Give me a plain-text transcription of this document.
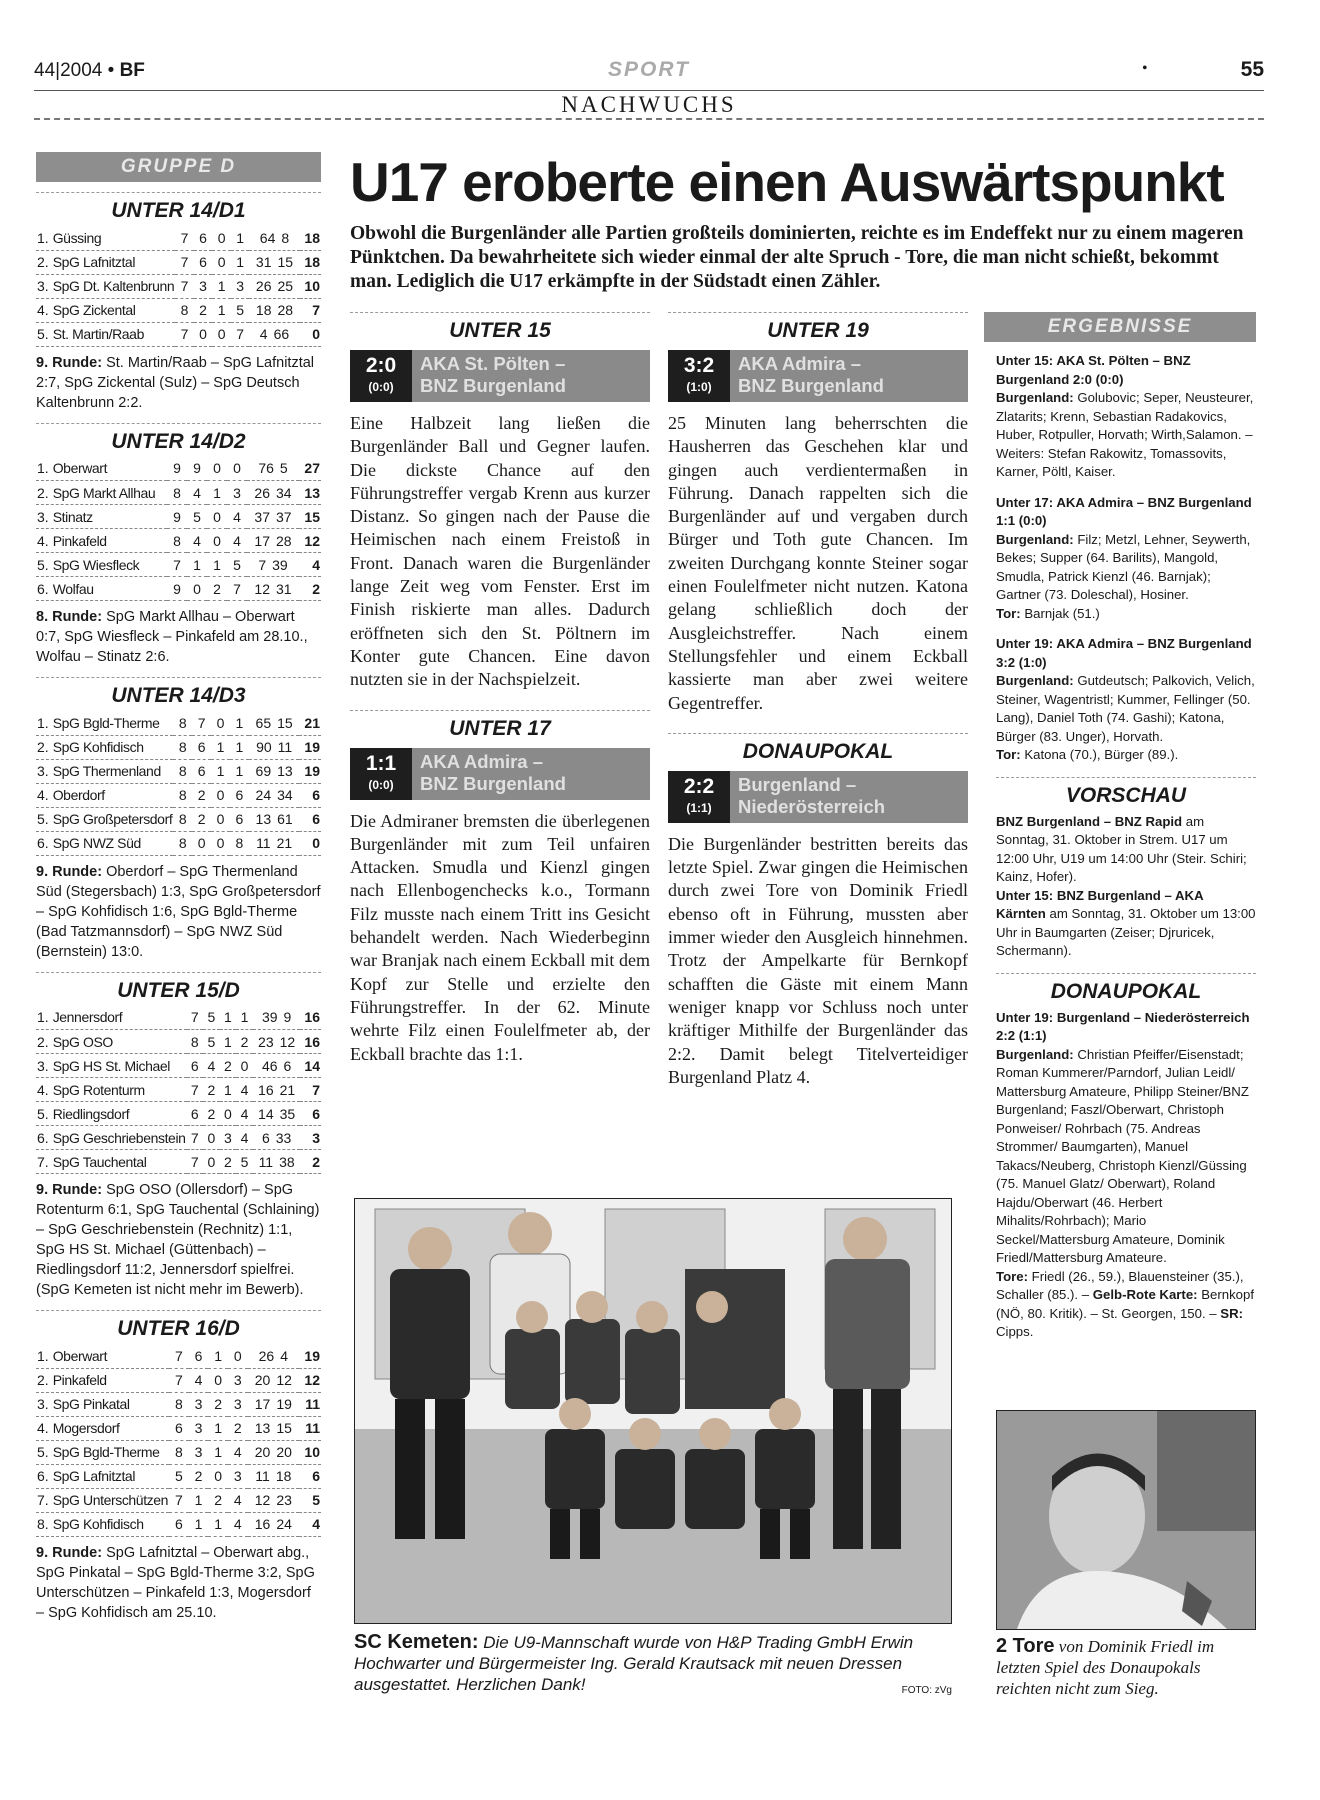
44|2004 • BF	SPORT	•	55
NACHWUCHS
GRUPPE D
UNTER 14/D1
1. Güssing	7	6	0	1	64 8	18
2. SpG Lafnitztal	7	6	0	1	31 15	18
3. SpG Dt. Kaltenbrunn	7	3	1	3	26 25	10
4. SpG Zickental	8	2	1	5	18 28	7
5. St. Martin/Raab	7	0	0	7	4 66	0
9. Runde: St. Martin/Raab – SpG Lafnitztal 2:7, SpG Zickental (Sulz) – SpG Deutsch Kaltenbrunn 2:2.
UNTER 14/D2
1. Oberwart	9	9	0	0	76 5	27
2. SpG Markt Allhau	8	4	1	3	26 34	13
3. Stinatz	9	5	0	4	37 37	15
4. Pinkafeld	8	4	0	4	17 28	12
5. SpG Wiesfleck	7	1	1	5	7 39	4
6. Wolfau	9	0	2	7	12 31	2
8. Runde: SpG Markt Allhau – Oberwart 0:7, SpG Wiesfleck – Pinkafeld am 28.10., Wolfau – Stinatz 2:6.
UNTER 14/D3
1. SpG Bgld-Therme	8	7	0	1	65 15	21
2. SpG Kohfidisch	8	6	1	1	90 11	19
3. SpG Thermenland	8	6	1	1	69 13	19
4. Oberdorf	8	2	0	6	24 34	6
5. SpG Großpetersdorf	8	2	0	6	13 61	6
6. SpG NWZ Süd	8	0	0	8	11 21	0
9. Runde: Oberdorf – SpG Thermenland Süd (Stegersbach) 1:3, SpG Großpetersdorf – SpG Kohfidisch 1:6, SpG Bgld-Therme (Bad Tatzmannsdorf) – SpG NWZ Süd (Bernstein) 13:0.
UNTER 15/D
1. Jennersdorf	7	5	1	1	39 9	16
2. SpG OSO	8	5	1	2	23 12	16
3. SpG HS St. Michael	6	4	2	0	46 6	14
4. SpG Rotenturm	7	2	1	4	16 21	7
5. Riedlingsdorf	6	2	0	4	14 35	6
6. SpG Geschriebenstein	7	0	3	4	6 33	3
7. SpG Tauchental	7	0	2	5	11 38	2
9. Runde: SpG OSO (Ollersdorf) – SpG Rotenturm 6:1, SpG Tauchental (Schlaining) – SpG Geschriebenstein (Rechnitz) 1:1, SpG HS St. Michael (Güttenbach) – Riedlingsdorf 11:2, Jennersdorf spielfrei. (SpG Kemeten ist nicht mehr im Bewerb).
UNTER 16/D
1. Oberwart	7	6	1	0	26 4	19
2. Pinkafeld	7	4	0	3	20 12	12
3. SpG Pinkatal	8	3	2	3	17 19	11
4. Mogersdorf	6	3	1	2	13 15	11
5. SpG Bgld-Therme	8	3	1	4	20 20	10
6. SpG Lafnitztal	5	2	0	3	11 18	6
7. SpG Unterschützen	7	1	2	4	12 23	5
8. SpG Kohfidisch	6	1	1	4	16 24	4
9. Runde: SpG Lafnitztal – Oberwart abg., SpG Pinkatal – SpG Bgld-Therme 3:2, SpG Unterschützen – Pinkafeld 1:3, Mogersdorf – SpG Kohfidisch am 25.10.
U17 eroberte einen Auswärtspunkt
Obwohl die Burgenländer alle Partien großteils dominierten, reichte es im Endeffekt nur zu einem mageren Pünktchen. Da bewahrheitete sich wieder einmal der alte Spruch - Tore, die man nicht schießt, bekommt man. Lediglich die U17 erkämpfte in der Südstadt einen Zähler.
UNTER 15
2:0
(0:0)
AKA St. Pölten –
BNZ Burgenland
Eine Halbzeit lang ließen die Burgenländer Ball und Gegner laufen. Die dickste Chance auf den Führungstreffer vergab Krenn aus kurzer Distanz. So gingen nach der Pause die Heimischen nach einem Freistoß in Front. Danach waren die Burgenländer lange Zeit weg vom Fenster. Erst im Finish riskierte man alles. Dadurch eröffneten sich den St. Pöltnern im Konter gute Chancen. Eine davon nutzten sie in der Nachspielzeit.
UNTER 17
1:1
(0:0)
AKA Admira –
BNZ Burgenland
Die Admiraner bremsten die überlegenen Burgenländer mit zum Teil unfairen Attacken. Smudla und Kienzl gingen nach Ellenbogenchecks k.o., Tormann Filz musste nach einem Tritt ins Gesicht behandelt werden. Nach Wiederbeginn war Branjak nach einem Eckball mit dem Kopf zur Stelle und erzielte den Führungstreffer. In der 62. Minute wehrte Filz einen Foulelfmeter ab, der Eckball brachte das 1:1.
UNTER 19
3:2
(1:0)
AKA Admira –
BNZ Burgenland
25 Minuten lang beherrschten die Hausherren das Geschehen klar und gingen auch verdientermaßen in Führung. Danach rappelten sich die Burgenländer auf und vergaben durch Bürger und Toth gute Chancen. Im zweiten Durchgang konnte Steiner sogar einen Foulelfmeter nicht nutzen. Katona gelang schließlich doch der Ausgleichstreffer. Nach einem Stellungsfehler und einem Eckball kassierte man aber zwei weitere Gegentreffer.
DONAUPOKAL
2:2
(1:1)
Burgenland –
Niederösterreich
Die Burgenländer bestritten bereits das letzte Spiel. Zwar gingen die Heimischen durch zwei Tore von Dominik Friedl ebenso oft in Führung, mussten aber immer wieder den Ausgleich hinnehmen. Trotz der Ampelkarte für Bernkopf schafften die Gäste mit einem Mann weniger knapp vor Schluss noch unter kräftiger Mithilfe der Burgenländer das 2:2. Damit belegt Titelverteidiger Burgenland Platz 4.
ERGEBNISSE

Unter 15: AKA St. Pölten – BNZ Burgenland 2:0 (0:0)
Burgenland: Golubovic; Seper, Neusteurer, Zlatarits; Krenn, Sebastian Radakovics, Huber, Rotpuller, Horvath; Wirth,Salamon. – Weiters: Stefan Rakowitz, Tomassovits, Karner, Pöltl, Kaiser.

Unter 17: AKA Admira – BNZ Burgenland 1:1 (0:0)
Burgenland: Filz; Metzl, Lehner, Seywerth, Bekes; Supper (64. Barilits), Mangold, Smudla, Patrick Kienzl (46. Barnjak); Gartner (73. Doleschal), Hosiner.
Tor: Barnjak (51.)

Unter 19: AKA Admira – BNZ Burgenland 3:2 (1:0)
Burgenland: Gutdeutsch; Palkovich, Velich, Steiner, Wagentristl; Kummer, Fellinger (50. Lang), Daniel Toth (74. Gashi); Katona, Bürger (83. Unger), Horvath.
Tor: Katona (70.), Bürger (89.).

VORSCHAU

BNZ Burgenland – BNZ Rapid am Sonntag, 31. Oktober in Strem. U17 um 12:00 Uhr, U19 um 14:00 Uhr (Steir. Schiri; Kainz, Hofer).

Unter 15: BNZ Burgenland – AKA Kärnten am Sonntag, 31. Oktober um 13:00 Uhr in Baumgarten (Zeiser; Djruricek, Schermann).

DONAUPOKAL

Unter 19: Burgenland – Niederösterreich 2:2 (1:1)
Burgenland: Christian Pfeiffer/Eisenstadt; Roman Kummerer/Parndorf, Julian Leidl/ Mattersburg Amateure, Philipp Steiner/BNZ Burgenland; Faszl/Oberwart, Christoph Ponweiser/ Rohrbach (75. Andreas Strommer/ Baumgarten), Manuel Takacs/Neuberg, Christoph Kienzl/Güssing (75. Manuel Glatz/ Oberwart), Roland Hajdu/Oberwart (46. Herbert Mihalits/Rohrbach); Mario Seckel/Mattersburg Amateure, Dominik Friedl/Mattersburg Amateure.
Tore: Friedl (26., 59.), Blauensteiner (35.), Schaller (85.). – Gelb-Rote Karte: Bernkopf (NÖ, 80. Kritik). – St. Georgen, 150. – SR: Cipps.

SC Kemeten: Die U9-Mannschaft wurde von H&P Trading GmbH Erwin Hochwarter und Bürgermeister Ing. Gerald Krautsack mit neuen Dressen ausgestattet. Herzlichen Dank!	FOTO: zVg
2 Tore von Dominik Friedl im letzten Spiel des Donaupokals reichten nicht zum Sieg.
